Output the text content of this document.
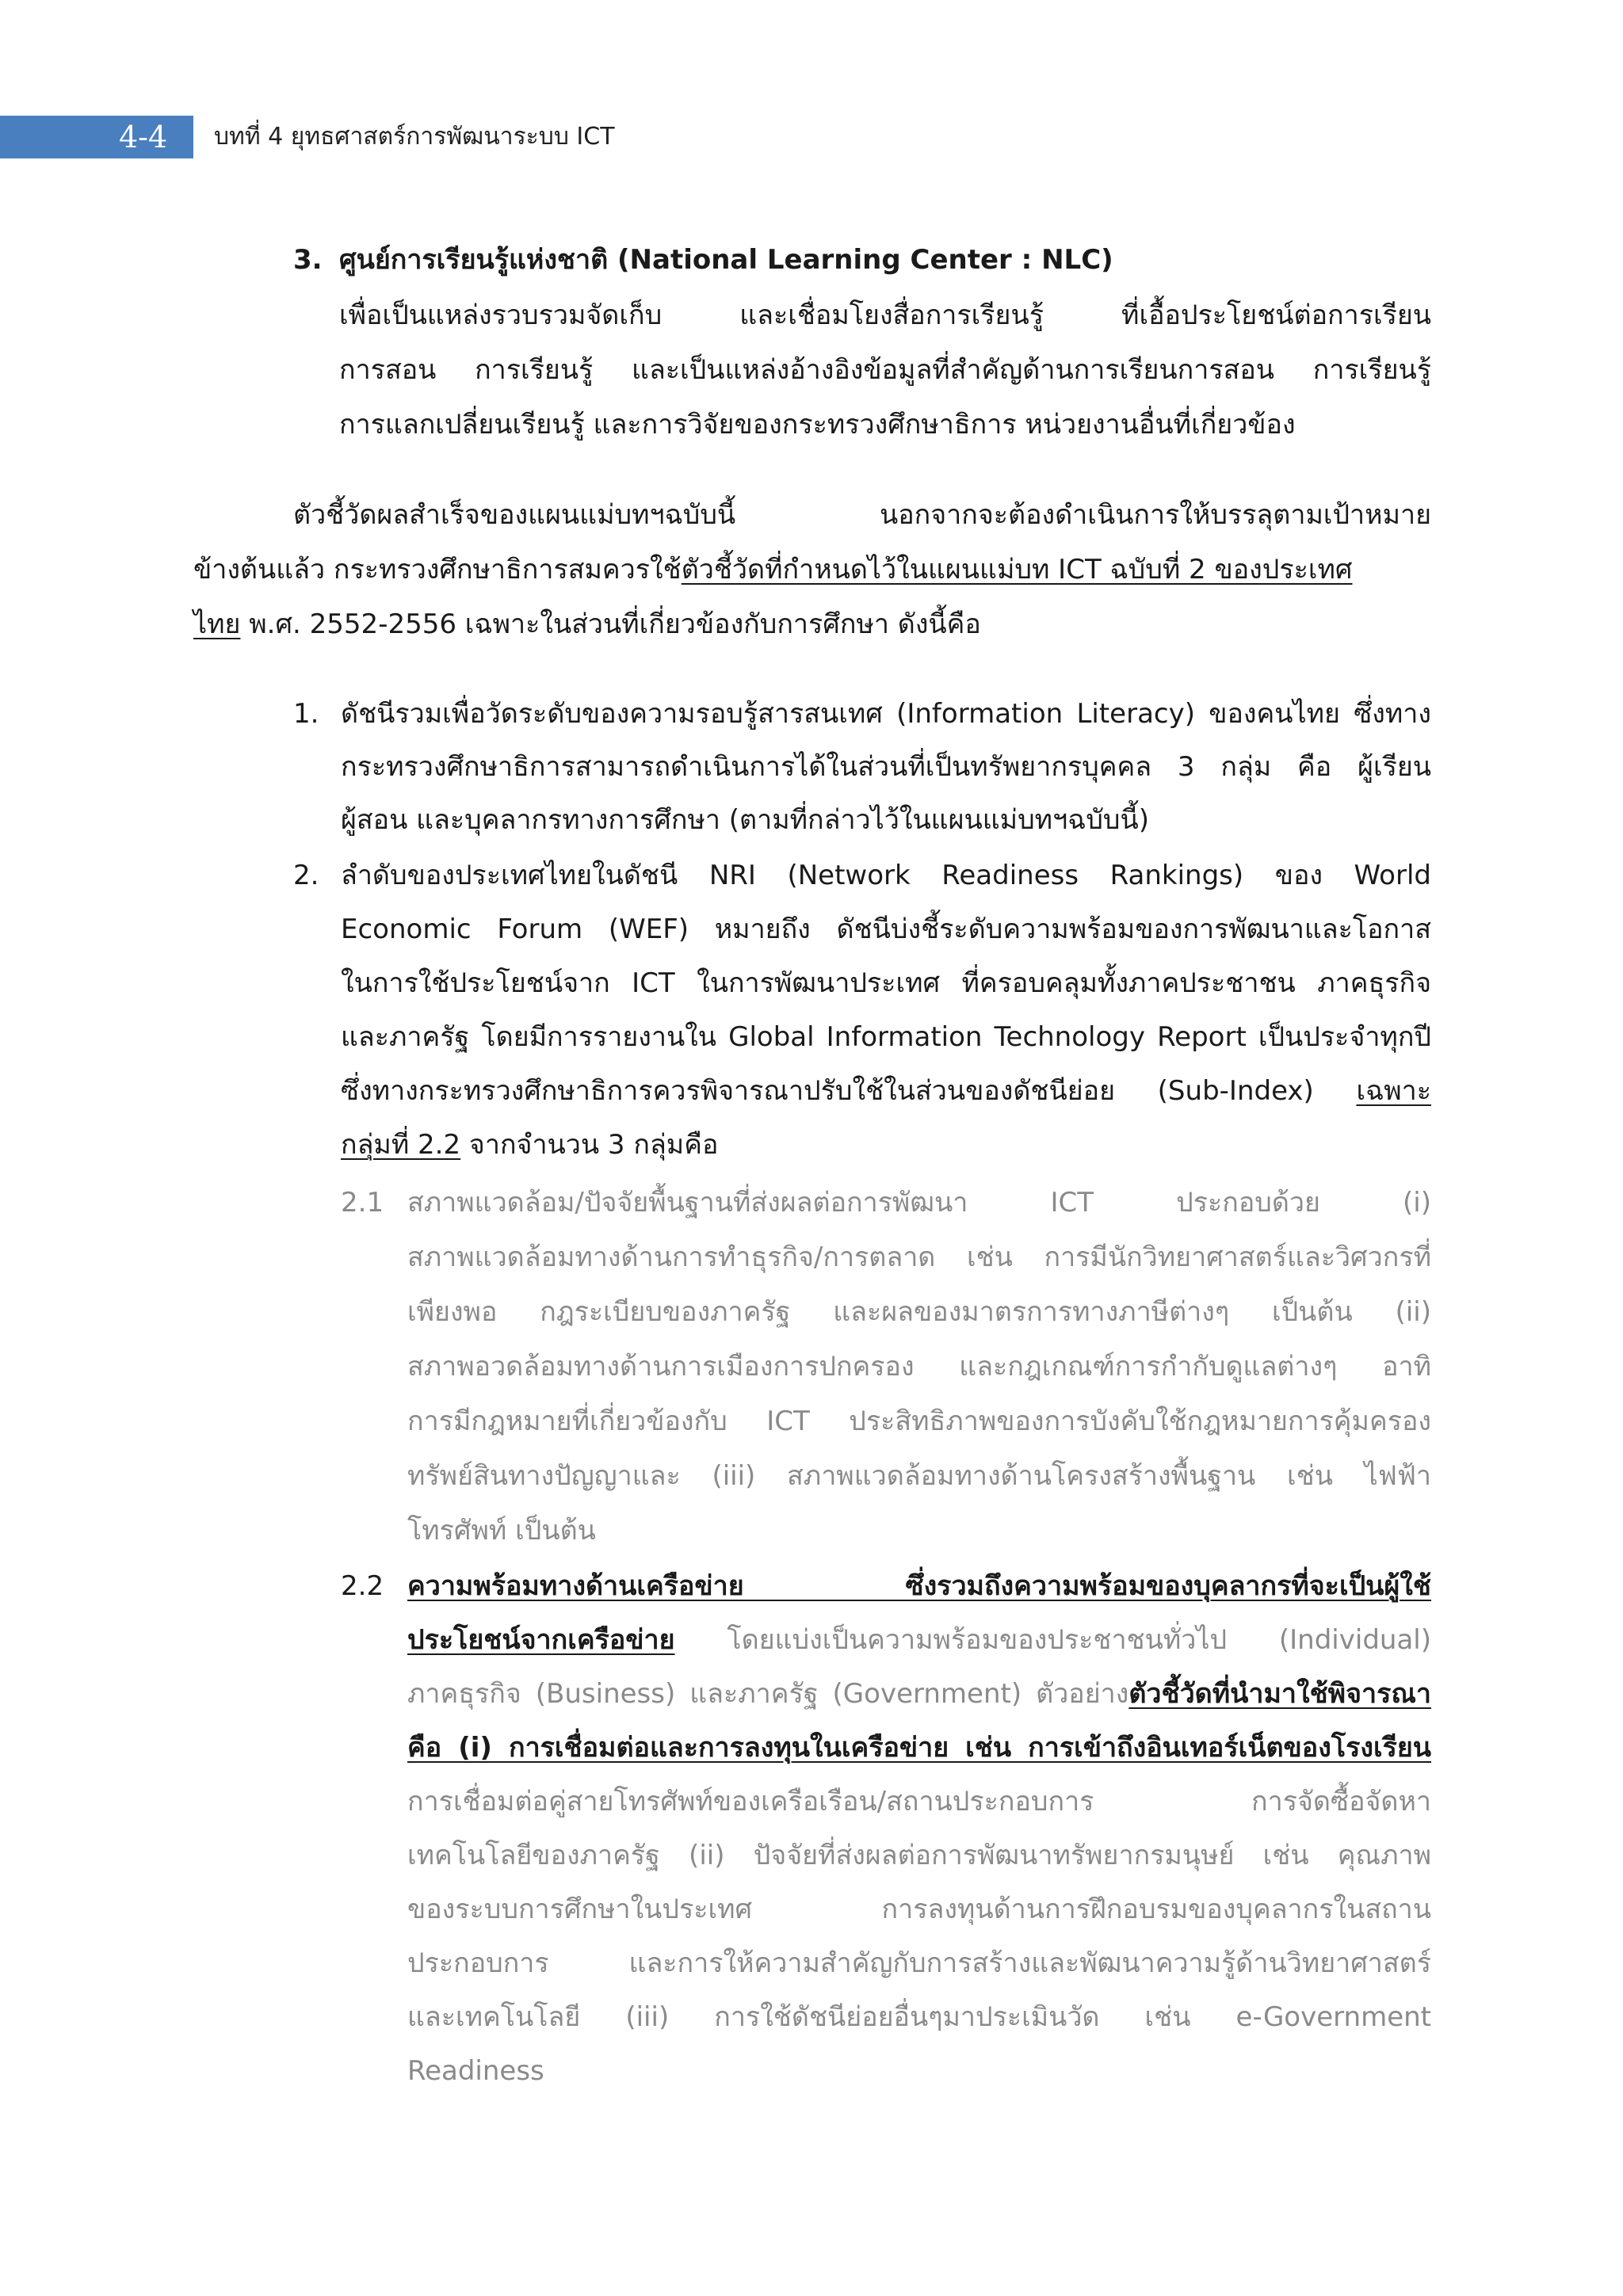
4-4 บทที่ 4 ยุทธศาสตร์การพัฒนาระบบ ICT
3. ศูนย์การเรียนรู้แห่งชาติ (National Learning Center : NLC)
เพื่อเป็นแหล่งรวบรวมจัดเก็บ และเชื่อมโยงสื่อการเรียนรู้ ที่เอื้อประโยชน์ต่อการเรียน
การสอน การเรียนรู้ และเป็นแหล่งอ้างอิงข้อมูลที่สำคัญด้านการเรียนการสอน การเรียนรู้
การแลกเปลี่ยนเรียนรู้ และการวิจัยของกระทรวงศึกษาธิการ หน่วยงานอื่นที่เกี่ยวข้อง
ตัวชี้วัดผลสำเร็จของแผนแม่บทฯฉบับนี้ นอกจากจะต้องดำเนินการให้บรรลุตามเป้าหมาย
ข้างต้นแล้ว กระทรวงศึกษาธิการสมควรใช้ตัวชี้วัดที่กำหนดไว้ในแผนแม่บท ICT ฉบับที่ 2 ของประเทศ
ไทย พ.ศ. 2552-2556 เฉพาะในส่วนที่เกี่ยวข้องกับการศึกษา ดังนี้คือ
1. ดัชนีรวมเพื่อวัดระดับของความรอบรู้สารสนเทศ (Information Literacy) ของคนไทย ซึ่งทาง
กระทรวงศึกษาธิการสามารถดำเนินการได้ในส่วนที่เป็นทรัพยากรบุคคล 3 กลุ่ม คือ ผู้เรียน
ผู้สอน และบุคลากรทางการศึกษา (ตามที่กล่าวไว้ในแผนแม่บทฯฉบับนี้)
2. ลำดับของประเทศไทยในดัชนี NRI (Network Readiness Rankings) ของ World
Economic Forum (WEF) หมายถึง ดัชนีบ่งชี้ระดับความพร้อมของการพัฒนาและโอกาส
ในการใช้ประโยชน์จาก ICT ในการพัฒนาประเทศ ที่ครอบคลุมทั้งภาคประชาชน ภาคธุรกิจ
และภาครัฐ โดยมีการรายงานใน Global Information Technology Report เป็นประจำทุกปี
ซึ่งทางกระทรวงศึกษาธิการควรพิจารณาปรับใช้ในส่วนของดัชนีย่อย (Sub-Index) เฉพาะ
กลุ่มที่ 2.2 จากจำนวน 3 กลุ่มคือ
2.1 สภาพแวดล้อม/ปัจจัยพื้นฐานที่ส่งผลต่อการพัฒนา ICT ประกอบด้วย (i)
สภาพแวดล้อมทางด้านการทำธุรกิจ/การตลาด เช่น การมีนักวิทยาศาสตร์และวิศวกรที่
เพียงพอ กฎระเบียบของภาครัฐ และผลของมาตรการทางภาษีต่างๆ เป็นต้น (ii)
สภาพอวดล้อมทางด้านการเมืองการปกครอง และกฎเกณฑ์การกำกับดูแลต่างๆ อาทิ
การมีกฎหมายที่เกี่ยวข้องกับ ICT ประสิทธิภาพของการบังคับใช้กฎหมายการคุ้มครอง
ทรัพย์สินทางปัญญาและ (iii) สภาพแวดล้อมทางด้านโครงสร้างพื้นฐาน เช่น ไฟฟ้า
โทรศัพท์ เป็นต้น
2.2 ความพร้อมทางด้านเครือข่าย ซึ่งรวมถึงความพร้อมของบุคลากรที่จะเป็นผู้ใช้
ประโยชน์จากเครือข่าย โดยแบ่งเป็นความพร้อมของประชาชนทั่วไป (Individual)
ภาคธุรกิจ (Business) และภาครัฐ (Government) ตัวอย่างตัวชี้วัดที่นำมาใช้พิจารณา
คือ (i) การเชื่อมต่อและการลงทุนในเครือข่าย เช่น การเข้าถึงอินเทอร์เน็ตของโรงเรียน
การเชื่อมต่อคู่สายโทรศัพท์ของเครือเรือน/สถานประกอบการ การจัดซื้อจัดหา
เทคโนโลยีของภาครัฐ (ii) ปัจจัยที่ส่งผลต่อการพัฒนาทรัพยากรมนุษย์ เช่น คุณภาพ
ของระบบการศึกษาในประเทศ การลงทุนด้านการฝึกอบรมของบุคลากรในสถาน
ประกอบการ และการให้ความสำคัญกับการสร้างและพัฒนาความรู้ด้านวิทยาศาสตร์
และเทคโนโลยี (iii) การใช้ดัชนีย่อยอื่นๆมาประเมินวัด เช่น e-Government
Readiness
